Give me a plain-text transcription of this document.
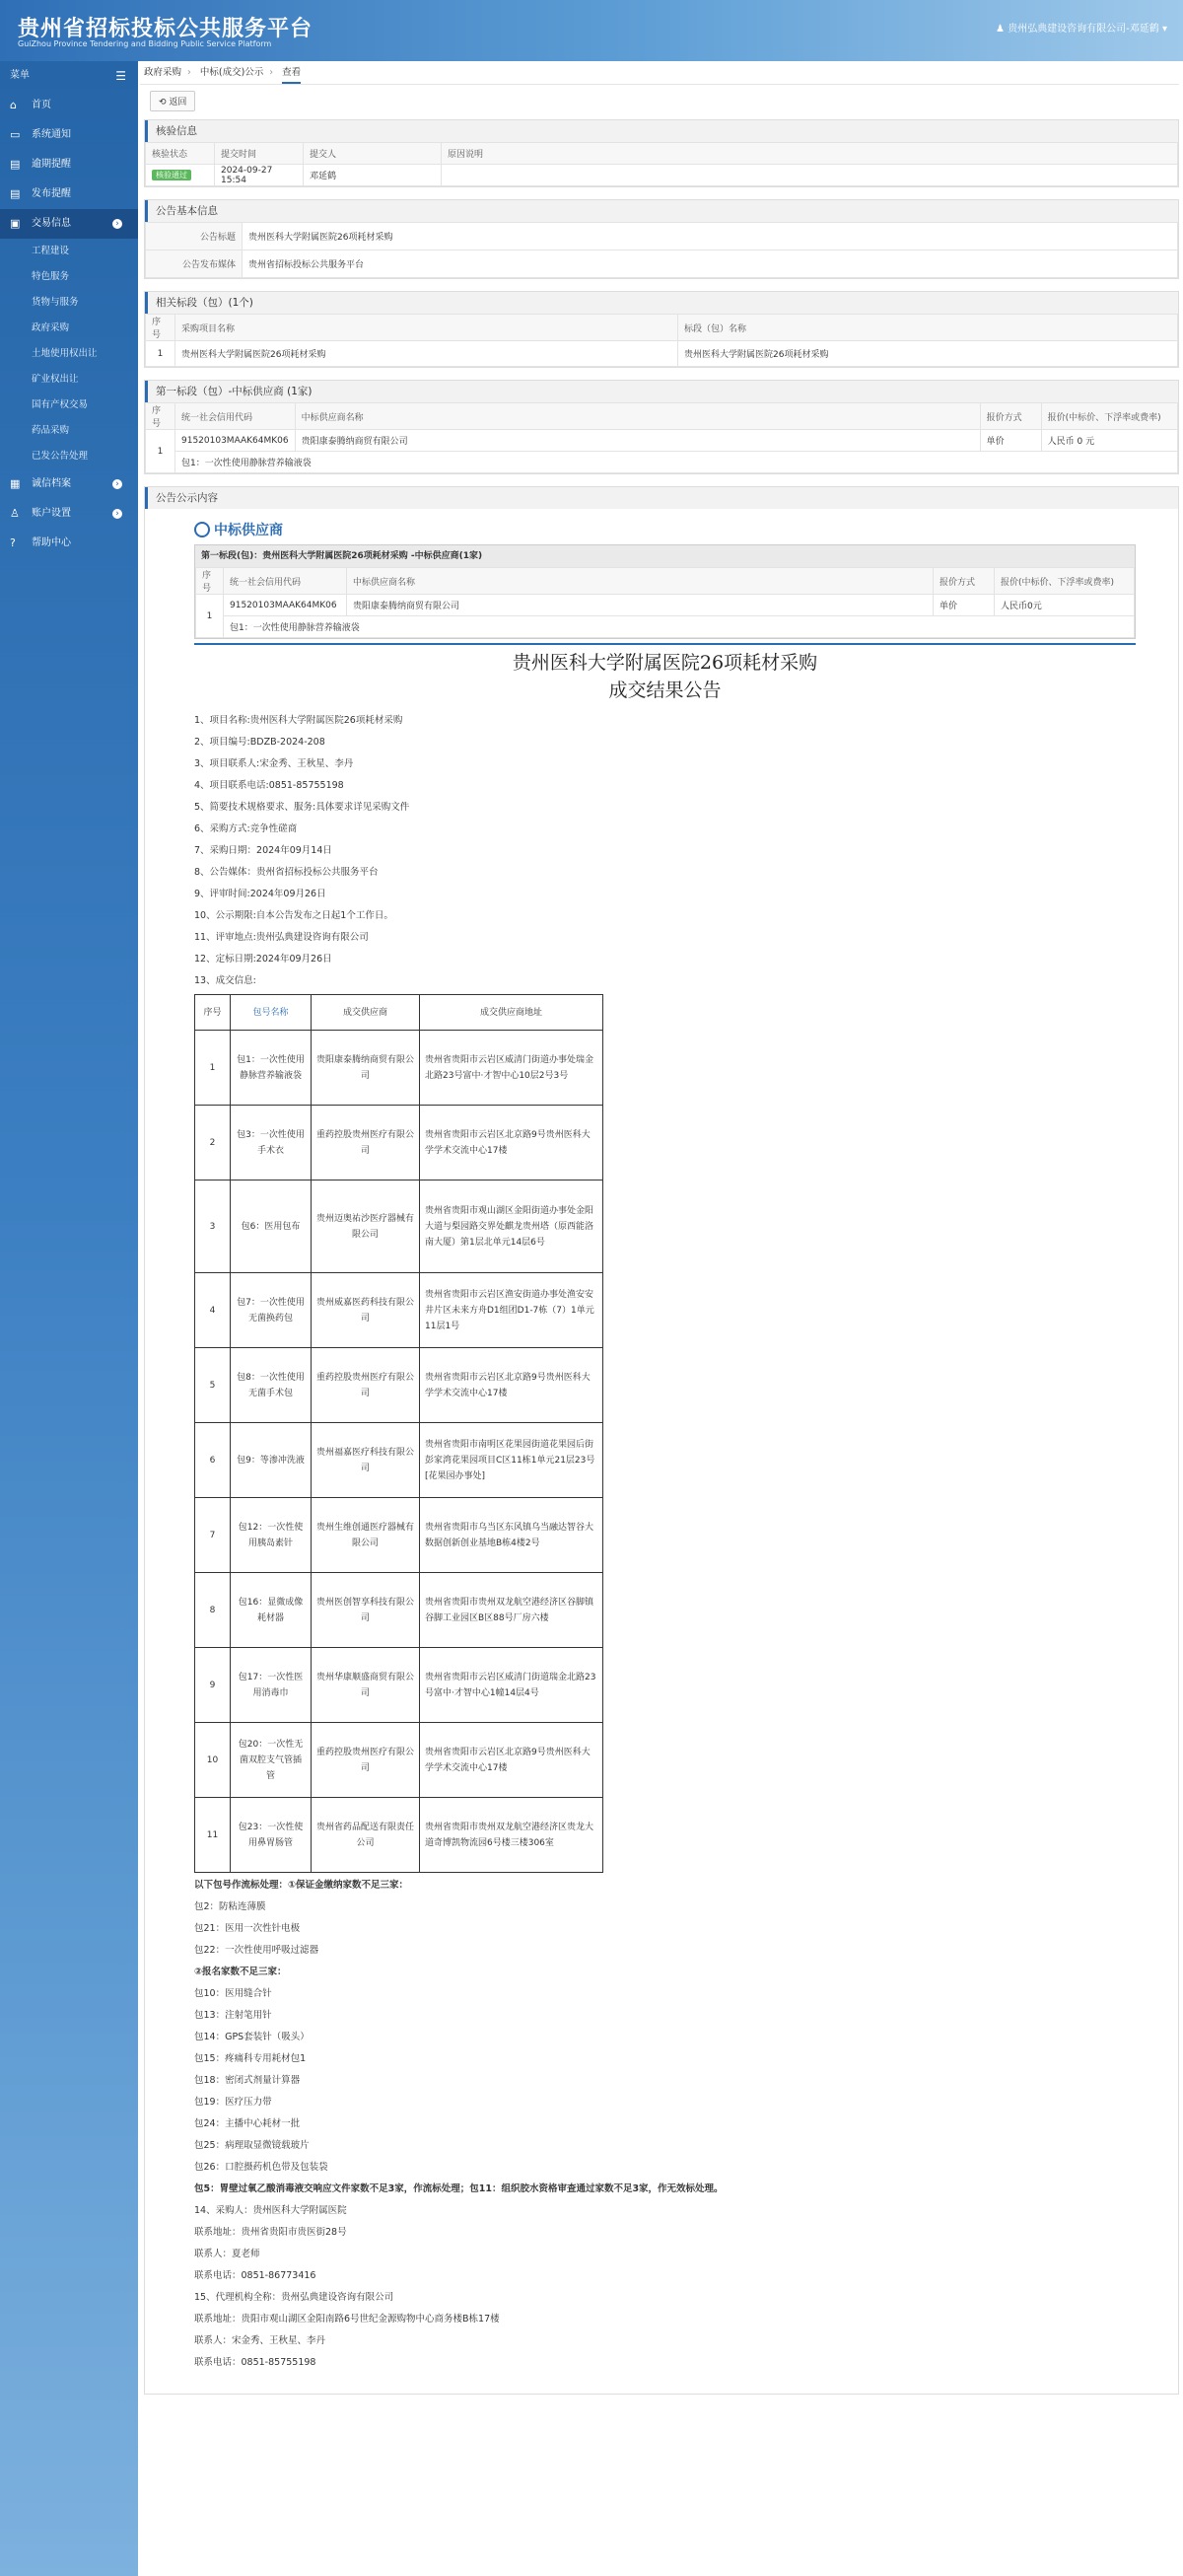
贵州省招标投标公共服务平台
GuiZhou Province Tendering and Bidding Public Service Platform
♟ 贵州弘典建设咨询有限公司-邓延鹤 ▾
菜单	☰
⌂ 首页
▭ 系统通知
▤ 逾期提醒
▤ 发布提醒
▣ 交易信息	›
工程建设
特色服务
货物与服务
政府采购
土地使用权出让
矿业权出让
国有产权交易
药品采购
已发公告处理
▦ 诚信档案	›
♙ 账户设置	›
? 帮助中心
政府采购 › 中标(成交)公示 › 查看
⟲ 返回
核验信息
核验状态	提交时间	提交人	原因说明
核验通过	2024-09-27 15:54	邓延鹤	
公告基本信息
公告标题	贵州医科大学附属医院26项耗材采购
公告发布媒体	贵州省招标投标公共服务平台
相关标段（包）(1个)
序号	采购项目名称	标段（包）名称
1	贵州医科大学附属医院26项耗材采购	贵州医科大学附属医院26项耗材采购
第一标段（包）-中标供应商 (1家)
序号	统一社会信用代码	中标供应商名称	报价方式	报价(中标价、下浮率或费率)
1	91520103MAAK64MK06	贵阳康泰腾纳商贸有限公司	单价	人民币 0 元
	包1：一次性使用静脉营养输液袋			
公告公示内容
中标供应商
第一标段(包)：贵州医科大学附属医院26项耗材采购 -中标供应商(1家)
序号	统一社会信用代码	中标供应商名称	报价方式	报价(中标价、下浮率或费率)
1	91520103MAAK64MK06	贵阳康泰腾纳商贸有限公司	单价	人民币0元
	包1：一次性使用静脉营养输液袋			
贵州医科大学附属医院26项耗材采购
成交结果公告

1、项目名称:贵州医科大学附属医院26项耗材采购

2、项目编号:BDZB-2024-208

3、项目联系人:宋金秀、王秋星、李丹

4、项目联系电话:0851-85755198

5、简要技术规格要求、服务:具体要求详见采购文件

6、采购方式:竞争性磋商

7、采购日期：2024年09月14日

8、公告媒体：贵州省招标投标公共服务平台

9、评审时间:2024年09月26日

10、公示期限:自本公告发布之日起1个工作日。

11、评审地点:贵州弘典建设咨询有限公司

12、定标日期:2024年09月26日

13、成交信息:

序号	包号名称	成交供应商	成交供应商地址
1	包1：一次性使用静脉营养输液袋	贵阳康泰腾纳商贸有限公司	贵州省贵阳市云岩区威清门街道办事处瑞金北路23号富中·才智中心10层2号3号
2	包3：一次性使用手术衣	重药控股贵州医疗有限公司	贵州省贵阳市云岩区北京路9号贵州医科大学学术交流中心17楼
3	包6：医用包布	贵州迈奥祐沙医疗器械有限公司	贵州省贵阳市观山湖区金阳街道办事处金阳大道与梨园路交界处麒龙贵州塔（原西能洛南大厦）第1层北单元14层6号
4	包7：一次性使用无菌换药包	贵州威嘉医药科技有限公司	贵州省贵阳市云岩区渔安街道办事处渔安安井片区未来方舟D1组团D1-7栋（7）1单元11层1号
5	包8：一次性使用无菌手术包	重药控股贵州医疗有限公司	贵州省贵阳市云岩区北京路9号贵州医科大学学术交流中心17楼
6	包9：等渗冲洗液	贵州福嘉医疗科技有限公司	贵州省贵阳市南明区花果园街道花果园后街彭家湾花果园项目C区11栋1单元21层23号[花果园办事处]
7	包12：一次性使用胰岛素针	贵州生维创通医疗器械有限公司	贵州省贵阳市乌当区东风镇乌当融达智谷大数据创新创业基地B栋4楼2号
8	包16：显微成像耗材器	贵州医创智享科技有限公司	贵州省贵阳市贵州双龙航空港经济区谷脚镇谷脚工业园区B区88号厂房六楼
9	包17：一次性医用消毒巾	贵州华康顺盛商贸有限公司	贵州省贵阳市云岩区威清门街道瑞金北路23号富中·才智中心1幢14层4号
10	包20：一次性无菌双腔支气管插管	重药控股贵州医疗有限公司	贵州省贵阳市云岩区北京路9号贵州医科大学学术交流中心17楼
11	包23：一次性使用鼻胃肠管	贵州省药品配送有限责任公司	贵州省贵阳市贵州双龙航空港经济区贵龙大道奇博凯物流园6号楼三楼306室

以下包号作流标处理：①保证金缴纳家数不足三家：

包2：防粘连薄膜

包21：医用一次性针电极

包22：一次性使用呼吸过滤器

②报名家数不足三家：

包10：医用缝合针

包13：注射笔用针

包14：GPS套装针（吸头）

包15：疼痛科专用耗材包1

包18：密闭式剂量计算器

包19：医疗压力带

包24：主播中心耗材一批

包25：病理取显微镜载玻片

包26：口腔摄药机色带及包装袋

包5：胃壁过氧乙酸消毒液交响应文件家数不足3家，作流标处理；包11：组织胶水资格审查通过家数不足3家，作无效标处理。

14、采购人：贵州医科大学附属医院

联系地址：贵州省贵阳市贵医街28号

联系人：夏老师

联系电话：0851-86773416

15、代理机构全称：贵州弘典建设咨询有限公司

联系地址：贵阳市观山湖区金阳南路6号世纪金源购物中心商务楼B栋17楼

联系人：宋金秀、王秋星、李丹

联系电话：0851-85755198
